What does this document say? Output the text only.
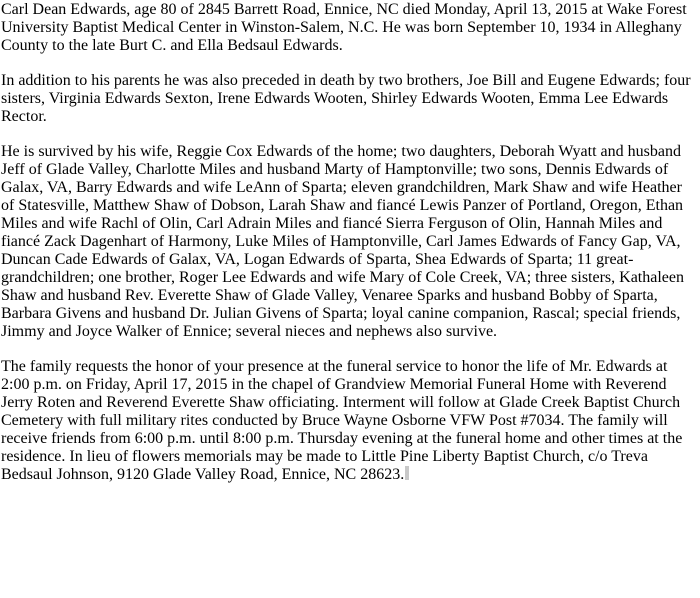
Carl Dean Edwards, age 80 of 2845 Barrett Road, Ennice, NC died Monday, April 13, 2015 at Wake Forest University Baptist Medical Center in Winston-Salem, N.C. He was born September 10, 1934 in Alleghany County to the late Burt C. and Ella Bedsaul Edwards.

In addition to his parents he was also preceded in death by two brothers, Joe Bill and Eugene Edwards; four sisters, Virginia Edwards Sexton, Irene Edwards Wooten, Shirley Edwards Wooten, Emma Lee Edwards Rector.

He is survived by his wife, Reggie Cox Edwards of the home; two daughters, Deborah Wyatt and husband Jeff of Glade Valley, Charlotte Miles and husband Marty of Hamptonville; two sons, Dennis Edwards of Galax, VA, Barry Edwards and wife LeAnn of Sparta; eleven grandchildren, Mark Shaw and wife Heather of Statesville, Matthew Shaw of Dobson, Larah Shaw and fiancé Lewis Panzer of Portland, Oregon, Ethan Miles and wife Rachl of Olin, Carl Adrain Miles and fiancé Sierra Ferguson of Olin, Hannah Miles and fiancé Zack Dagenhart of Harmony, Luke Miles of Hamptonville, Carl James Edwards of Fancy Gap, VA, Duncan Cade Edwards of Galax, VA, Logan Edwards of Sparta, Shea Edwards of Sparta; 11 great-grandchildren; one brother, Roger Lee Edwards and wife Mary of Cole Creek, VA; three sisters, Kathaleen Shaw and husband Rev. Everette Shaw of Glade Valley, Venaree Sparks and husband Bobby of Sparta, Barbara Givens and husband Dr. Julian Givens of Sparta; loyal canine companion, Rascal; special friends, Jimmy and Joyce Walker of Ennice; several nieces and nephews also survive.

The family requests the honor of your presence at the funeral service to honor the life of Mr. Edwards at 2:00 p.m. on Friday, April 17, 2015 in the chapel of Grandview Memorial Funeral Home with Reverend Jerry Roten and Reverend Everette Shaw officiating. Interment will follow at Glade Creek Baptist Church Cemetery with full military rites conducted by Bruce Wayne Osborne VFW Post #7034. The family will receive friends from 6:00 p.m. until 8:00 p.m. Thursday evening at the funeral home and other times at the residence. In lieu of flowers memorials may be made to Little Pine Liberty Baptist Church, c/o Treva Bedsaul Johnson, 9120 Glade Valley Road, Ennice, NC 28623.
